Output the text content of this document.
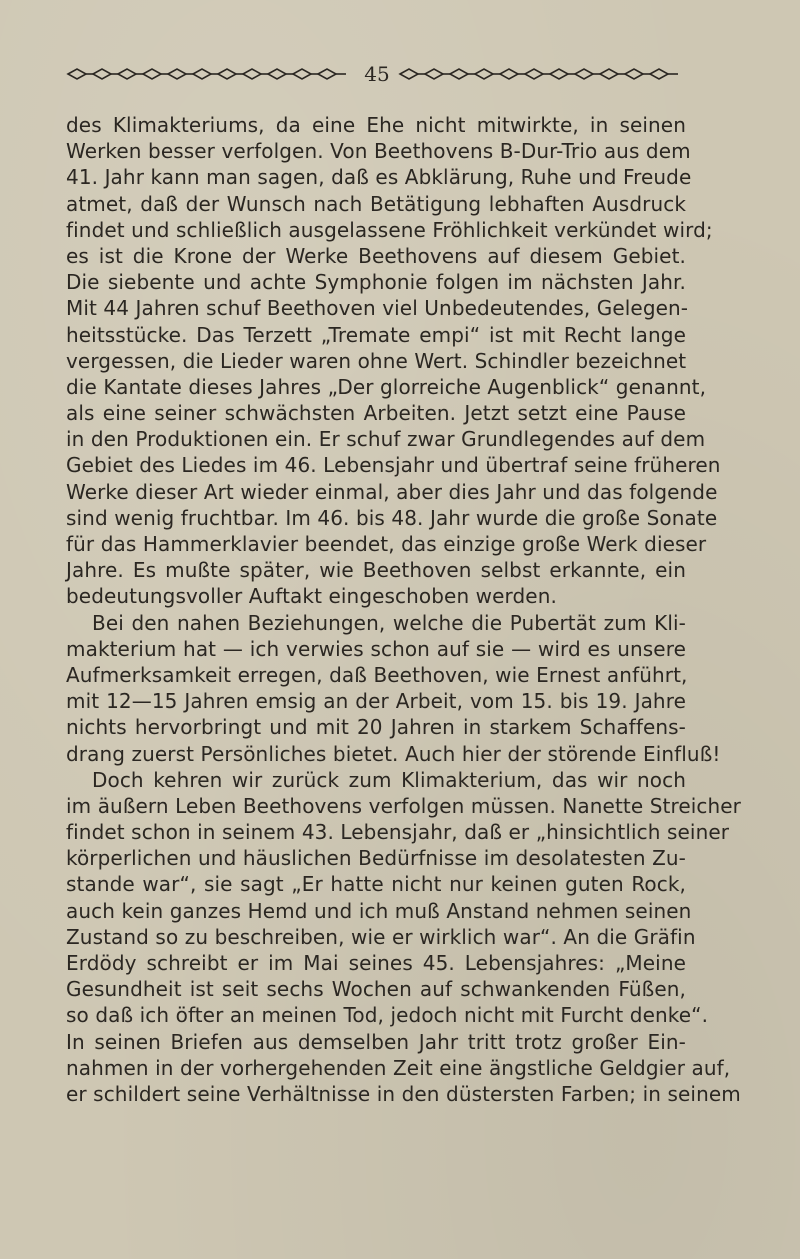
45
des Klimakteriums, da eine Ehe nicht mitwirkte, in seinen
Werken besser verfolgen. Von Beethovens B-Dur-Trio aus dem
41. Jahr kann man sagen, daß es Abklärung, Ruhe und Freude
atmet, daß der Wunsch nach Betätigung lebhaften Ausdruck
findet und schließlich ausgelassene Fröhlichkeit verkündet wird;
es ist die Krone der Werke Beethovens auf diesem Gebiet.
Die siebente und achte Symphonie folgen im nächsten Jahr.
Mit 44 Jahren schuf Beethoven viel Unbedeutendes, Gelegen-
heitsstücke. Das Terzett „Tremate empi“ ist mit Recht lange
vergessen, die Lieder waren ohne Wert. Schindler bezeichnet
die Kantate dieses Jahres „Der glorreiche Augenblick“ genannt,
als eine seiner schwächsten Arbeiten. Jetzt setzt eine Pause
in den Produktionen ein. Er schuf zwar Grundlegendes auf dem
Gebiet des Liedes im 46. Lebensjahr und übertraf seine früheren
Werke dieser Art wieder einmal, aber dies Jahr und das folgende
sind wenig fruchtbar. Im 46. bis 48. Jahr wurde die große Sonate
für das Hammerklavier beendet, das einzige große Werk dieser
Jahre. Es mußte später, wie Beethoven selbst erkannte, ein
bedeutungsvoller Auftakt eingeschoben werden.
Bei den nahen Beziehungen, welche die Pubertät zum Kli-
makterium hat — ich verwies schon auf sie — wird es unsere
Aufmerksamkeit erregen, daß Beethoven, wie Ernest anführt,
mit 12—15 Jahren emsig an der Arbeit, vom 15. bis 19. Jahre
nichts hervorbringt und mit 20 Jahren in starkem Schaffens-
drang zuerst Persönliches bietet. Auch hier der störende Einfluß!
Doch kehren wir zurück zum Klimakterium, das wir noch
im äußern Leben Beethovens verfolgen müssen. Nanette Streicher
findet schon in seinem 43. Lebensjahr, daß er „hinsichtlich seiner
körperlichen und häuslichen Bedürfnisse im desolatesten Zu-
stande war“, sie sagt „Er hatte nicht nur keinen guten Rock,
auch kein ganzes Hemd und ich muß Anstand nehmen seinen
Zustand so zu beschreiben, wie er wirklich war“. An die Gräfin
Erdödy schreibt er im Mai seines 45. Lebensjahres: „Meine
Gesundheit ist seit sechs Wochen auf schwankenden Füßen,
so daß ich öfter an meinen Tod, jedoch nicht mit Furcht denke“.
In seinen Briefen aus demselben Jahr tritt trotz großer Ein-
nahmen in der vorhergehenden Zeit eine ängstliche Geldgier auf,
er schildert seine Verhältnisse in den düstersten Farben; in seinem
